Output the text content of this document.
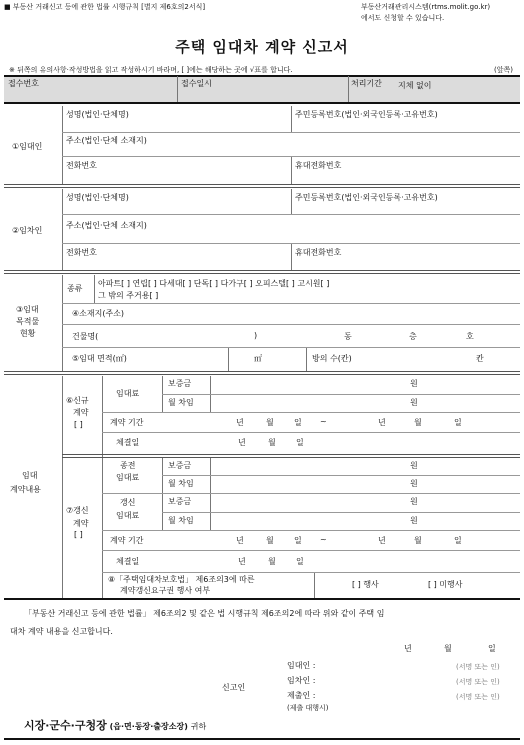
■ 부동산 거래신고 등에 관한 법률 시행규칙 [별지 제6호의2서식]	부동산거래관리시스템(rtms.molit.go.kr)
에서도 신청할 수 있습니다.
주택 임대차 계약 신고서
※ 뒤쪽의 유의사항·작성방법을 읽고 작성하시기 바라며, [ ]에는 해당하는 곳에 √표를 합니다.	(앞쪽)
접수번호	접수일시	처리기간 지체 없이
①임대인
성명(법인·단체명)	주민등록번호(법인·외국인등록·고유번호)
주소(법인·단체 소재지)
전화번호	휴대전화번호
②임차인
성명(법인·단체명)	주민등록번호(법인·외국인등록·고유번호)
주소(법인·단체 소재지)
전화번호	휴대전화번호
③임대
목적물
현황
종류
아파트[ ] 연립[ ] 다세대[ ] 단독[ ] 다가구[ ] 오피스텔[ ] 고시원[ ]
그 밖의 주거용[ ]
④소재지(주소)
건물명(	)	동	층	호
⑤임대 면적(㎡)	㎡	방의 수(칸)	칸
임대
계약내용
⑥신규
계약
[ ]
임대료
보증금	원
월 차임	원
계약 기간	년	월	일 ~	년	월	일
체결일	년	월	일
⑦갱신
계약
[ ]
종전
임대료
보증금	원
월 차임	원
갱신
임대료
보증금	원
월 차임	원
계약 기간	년	월	일 ~	년	월	일
체결일	년	월	일
⑧「주택임대차보호법」 제6조의3에 따른
계약갱신요구권 행사 여부
[ ] 행사	[ ] 미행사
「부동산 거래신고 등에 관한 법률」 제6조의2 및 같은 법 시행규칙 제6조의2에 따라 위와 같이 주택 임
대차 계약 내용을 신고합니다.
년	월	일
신고인
임대인 :	(서명 또는 인)
임차인 :	(서명 또는 인)
제출인 :	(서명 또는 인)
(제출 대행시)
시장·군수·구청장 (읍·면·동장·출장소장) 귀하
